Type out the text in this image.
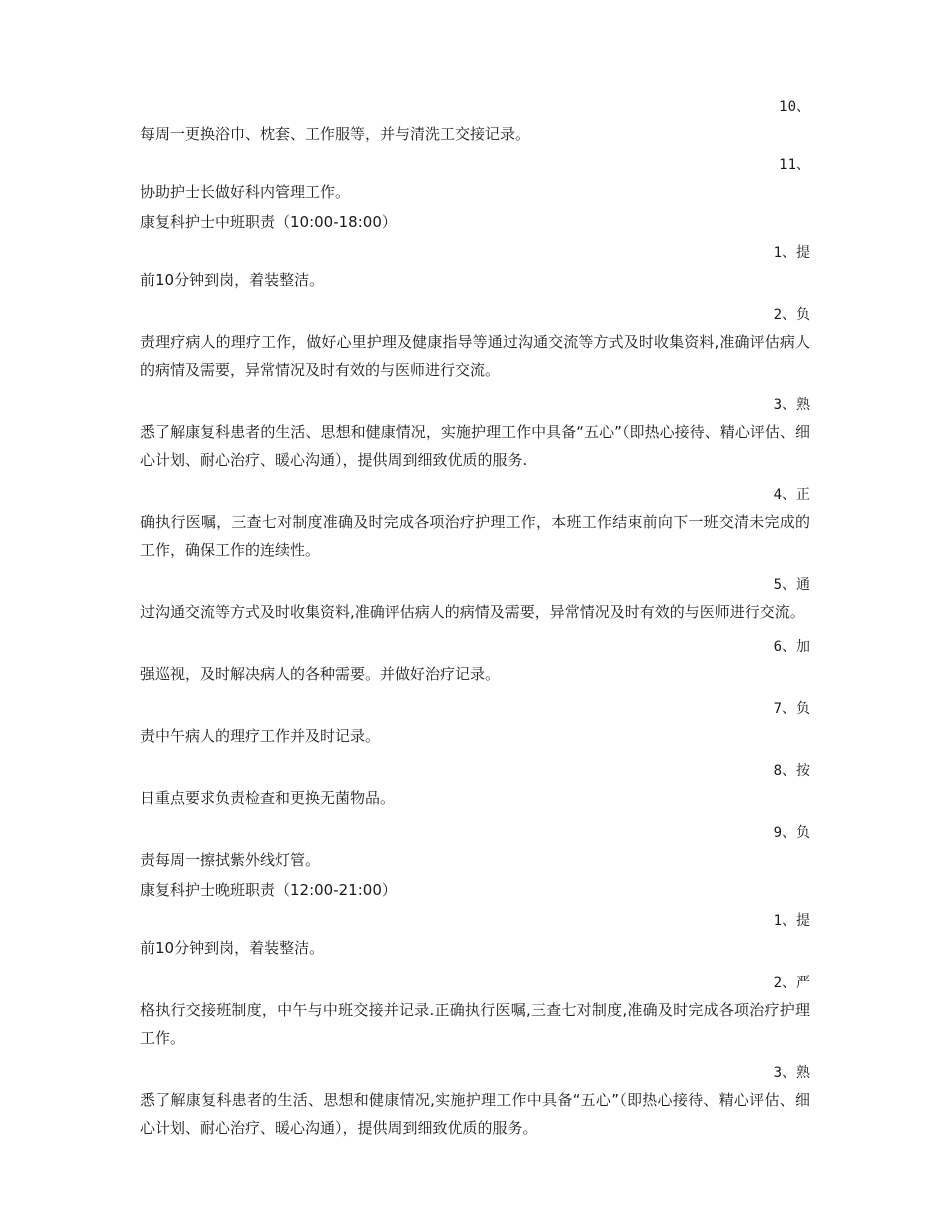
10、
每周一更换浴巾、枕套、工作服等，并与清洗工交接记录。
11、
协助护士长做好科内管理工作。
康复科护士中班职责（10:00-18:00）
1、提
前10分钟到岗，着装整洁。
2、负
责理疗病人的理疗工作，做好心里护理及健康指导等通过沟通交流等方式及时收集资料,准确评估病人的病情及需要，异常情况及时有效的与医师进行交流。
3、熟
悉了解康复科患者的生活、思想和健康情况，实施护理工作中具备“五心”（即热心接待、精心评估、细心计划、耐心治疗、暖心沟通），提供周到细致优质的服务.
4、正
确执行医嘱，三查七对制度准确及时完成各项治疗护理工作，本班工作结束前向下一班交清未完成的工作，确保工作的连续性。
5、通
过沟通交流等方式及时收集资料,准确评估病人的病情及需要，异常情况及时有效的与医师进行交流。
6、加
强巡视，及时解决病人的各种需要。并做好治疗记录。
7、负
责中午病人的理疗工作并及时记录。
8、按
日重点要求负责检查和更换无菌物品。
9、负
责每周一擦拭紫外线灯管。
康复科护士晚班职责（12:00-21:00）
1、提
前10分钟到岗，着装整洁。
2、严
格执行交接班制度，中午与中班交接并记录.正确执行医嘱,三查七对制度,准确及时完成各项治疗护理工作。
3、熟
悉了解康复科患者的生活、思想和健康情况,实施护理工作中具备“五心”（即热心接待、精心评估、细心计划、耐心治疗、暖心沟通），提供周到细致优质的服务。
